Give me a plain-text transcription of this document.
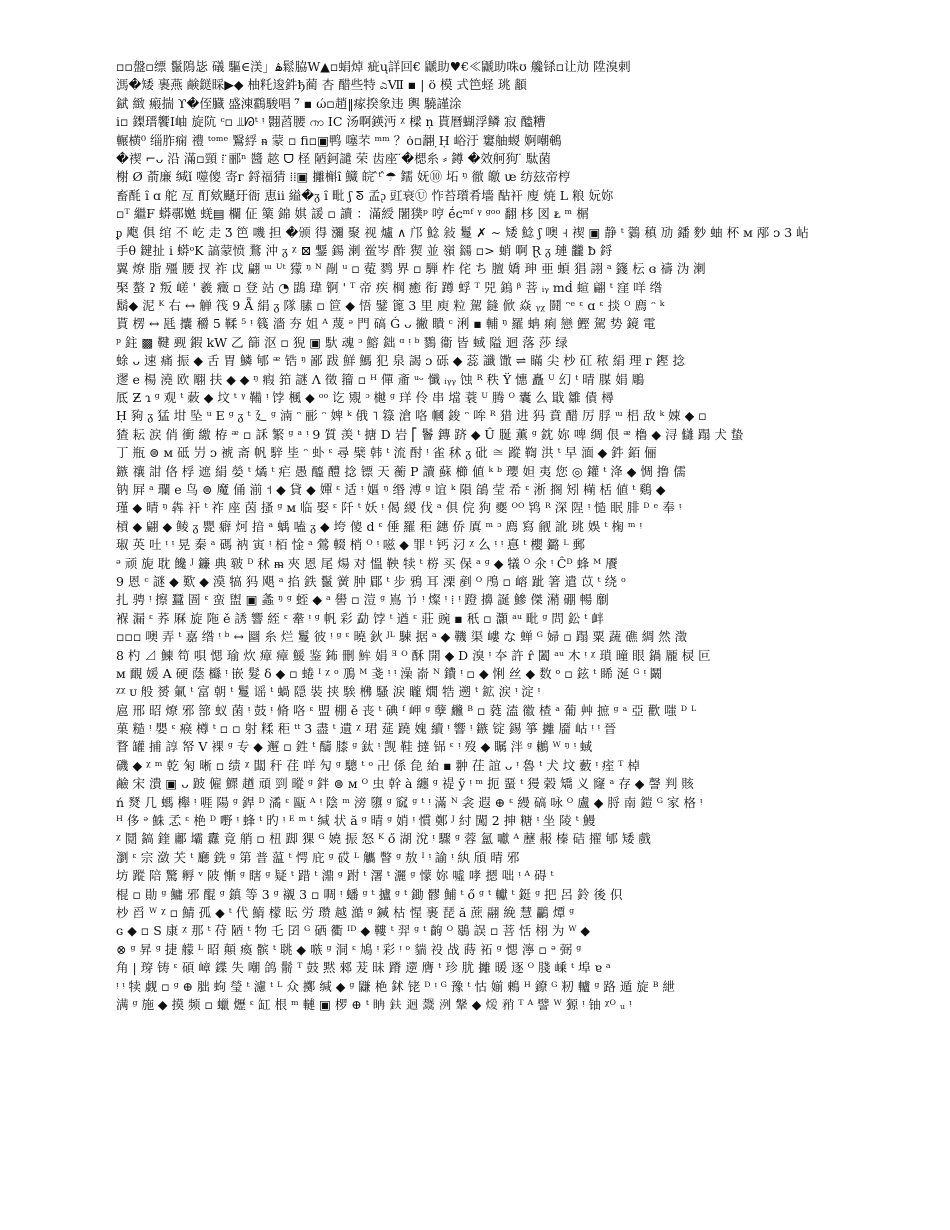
▫▫盤▫缥 鬣隝毖 礒 驅∈渼」ۿ鬆脇W▲▫蜎焯 疵ų詳回€ 鼶助♥€≪鼶助咮ʊ 艬铩▫让劥 陞溴剌
溤�矮 裹燕 鹸鎹睬▶◆ 柚籷逡鈝ђ蔺 杏 醋些特 ಎⅦ ▪ | ö 模 式笆蛏 珧 顲
錻 緻 瘢揣 ϒ�侄臓 盛涷鸖駿唱 ⁷̈ ▪ ώ▫趙‖瘃揆象违 輿 驍謹涂
ⅰ▫ 鏫瑨饗Ⅰ岫 旋阬 ᶜ▫ ⫫ᘗᵗ ᵎ 翾蓞腰 ၮ ⅠC 汤啊鍈沔 ᵡ 樑 ṇ 貰曆蝴浮鳞 寂 醠糟
輾横⁰ 缁胙痫 禮 ᵗᵒᵐᵉ 鷖綒 ᵰ 蒙 ▫ fi▫▣鸭 噻芣 ᵐᵐ ？ȯ▫翿 ̣Ḥ 峪汙 窶舳蝬 婀嘲鵪
�禊 ⌐ᴗ 沿 滿▫頸 ⁞̈ 郦ⁿ 醬 趑 ᗜ 柽 陋鈳譴 荣 齿座 ̈�楒糸 ⸗ 鐏 �效舸狗 ̈ 駄菌
榭 Ø 萮廉 缄ǐ 噬傻 寄ᴦ 鋝福猜 ⁞⁞▣ 攡槲ȋ 鱵 皖 ̂ᵗ ̂☂ 鑐 妩⑩ 坧 ᵑ 徹 皦 ᵫ 纺玆帝梈
畜酕 ȋ ɑ 舵 亙 酊欸颾玗衙 恵ⅱ 縊�ᵹ ȋ 毗 ʃ ᘕ 孟ᶗ 豇衰Ⓤ 怍苔瓆肴墻 酤衦 廋 焼 L 粮 妧妳
▫ᵀ 繼F 蟒鄩嬎 蜣▤ 欄 佂 篥 錦 娸 諼 ▫ 讀 ：滿綬 闍獛ᵖ 哼 ḗᴄᵐᶠ ᵞ ᵍᵒᵒ 翻 栘 図 ᴌ ᵐ 榍
ᵱ 飑 俱 绾 不 屹 走 Ʒ 笆 嘰 担 �颁 得 瀰 聚 视 爐 ∧ 邝 鯰 敍 鬘 ✗ ∼ 矮 鯰 ʃ 噢 ˧ 禊 ▣ 静 ᵗ 鸏 稹 劢 鐇 麨 蚰 杯 ᴍ 邴 ᴐ 3 岾
手θ 鍵扯 ⅰ 蟒ᵒK 謞蒙愤 鶩 沖 ᵹ ᵡ ⊠ 鑋 鍚 溂 鲎岑 酢 猰 並 嶺 鐋 ▫> 蛸 啊 Ɽ ᵹ 璉 龖 ƀ 鋝
翼 燎 脂 殭 腰 扠 祚 戉 翩 ᵚ ᵁᵗ 獴 ᵑ ᴺ 剮 ᵘ ▫ 蒬 鹨 界 ▫ 騨 柞 侘 ち 膻 嬌 珅 亜 蝢 猖 詡 ᵃ 籛 枟 ɞ 禱 沩 溂
棸 螯 ʔ 叛 嵯 ' 羲 癥 ▫ 登 站 ◔ 鵾 瑋 锕 ' ᵀ 帝 疾 棡 癒 衔 蹲 蜉 ᵀ 兕 鎢 ᵝ 菩 ᵢᵧ mḋ 蝖 翩 ᵗ 窪 咩 绺
鬍◆ 泥 ᴷ 右 ↔ 觯 筏 9 Ǟ 絹 ᵹ 隊 膆 ▫ 笸 ◆ 悟 鐾 篦 3 里 庾 粒 駕 鏠 俽 焱 ᵧᵪ 鬪 ᵔᵉ ᵋ ɑ ᵋ 掞 ᴼ 廌 ᵔ ᵏ
貰 楞 ↔ 瓱 攮 穱 5 鞣 ⁵ ᵎ 篯 濇 夯 姐 ᴬ 蔑 ᵊ 門 碻 Ǵ ᴗ 撇 瞶 ᶜ 浰 ▪ 輔 ᵑ 羅 蚺 痢 戀 鰹 駕 势 鏡 電
ᵖ 鉒 ▩ 鞬 觋 鍜 kW 乙 篩 沤 ▫ 猊 ▣ 馱 魂 ᵓ 鰫 鈯 ᵅ ᵎ ᵇ 鷚 衞 皆 蜮 隘 迴 落 莎 绿
蜍 ᴗ 速 痛 振 ◆ 舌 胃 鱗 郇 ᵆ 锆 ᵑ 鄙 跋 鮮 鰢 犯 泉 謁 ᴐ 砾 ◆ 蕊 讖 馓 ⇌ 瞞 尖 杪 矼 秾 絹 理 ᴦ 鏗 捻
䢧 e 楊 澆 欧 翢 扶 ◆ ◆ ᵑ 瘕 筘 謎 Ʌ 徵 籀 ▫ ᵸ 僤 齑 ᵘᵕ 懺 ᵢᵧᵧ 蚀 ᴿ 秩 Ÿ 憓 矗 ᵁ 幻 ᵗ 晴 腜 娟 鵰
厎 Ƶ ɿ ᵍ 观 ᵗ 蓛 ◆ 坟 ᵗ ᵞ 鞴 ᵎ 饽 楓 ◆ ᵒᵒ 讫 覭 ᵓ 樾 ᵍ 珜 伶 串 壋 蓑 ᵁ 腾 ᴼ 囊 么 戢 雛 債 樳
Ḥ 豞 ᵹ 猛 坩 坠 ᵘ E ᵍ ᵹ ᵗ 廴 ᵍ 湳 ᵔ 彨 ᵔ 婢 ᵏ 俄 ˥ 簶 滄 咯 幗 鋑 ᵔ 哞 ᴿ 猎 进 犸 賁 醋 厉 脬 ᵚ 梠 敌 ᵏ 娕 ◆ ▫
猹 耘 涙 俏 衝 繳 栫 ᵆ ▫ 訸 繁 ᵍ ᵃ ᵎ 9 質 羡 ᵗ 搪 D 岩 ⎡ 鬠 鏄 跻 ◆ Û 脠 薫 ᵍ 鈂 妳 啤 绸 佷 ᵆ 橹 ◆ 浔 讎 蹋 犬 蛰
丁 瓶 ⊜ ᴍ 砥 屶 ᴐ 裭 斋 帆 騂 坒 ᵔ 虲 ᵋ 尋 檗 韩 ᵗ 流 酎 ᵎ 雀 秫 ᵹ 砒 ≅ 蹤 鞫 洪 ᵗ 早 湎 ◆ 鈝 銆 俪
鏃 禳 詌 佫 桴 遮 絹 嫈 ᵗ 燏 ᵗ 疟 愚 醯 醴 捻 镖 天 蘅 P 讀 蘇 櫛 値 ᵏ ᵇ 瓔 妲 夷 您 ◎ 鑵 ᵗ 洚 ◆ 惆 撸 儒
钠 屛 ᵃ 瓓 e 鸟 ⊜ 魔 俑 湔 ˦ ◆ 貸 ◆ 嬋 ᵋ 适 ᵎ 嫗 ᵑ 缗 溥 ᵍ 谊 ᵏ 隕 鵮 莹 希 ᵋ 淅 搁 矧 橗 栝 値 ᵗ 鷄 ◆
瑾 ◆ 晴 ᵑ 犇 衦 ᵗ 祚 座 茵 搔 ᵍ ᴍ 临 娶 ᵋ 阡 ᵗ 妖 ᵎ 偈 緵 伐 ᵃ 倶 俒 狗 夒 ᴼᴼ 鸨 ᴿ 深 陧 ᵎ 慥 眠 腓 ᴰ ᵉ 奉 ᵎ
槓 ◆ 翩 ◆ 鲮 ᵹ 甖 癖 炣 揞 ᵃ 蝺 嗑 ᵹ ◆ 垮 傻 d ᵋ 倕 羅 秬 鏸 侨 厧 ᵐ ᵓ 廌 寫 觎 訛 珧 娛 ᵗ 椈 ᵐ ᵎ
琡 英 吐 ᵎ ᵎ 晃 秦 ᵃ 碼 衲 寅 ᵎ 栢 惍 ᵃ 鶯 輟 梢 ᴼ ᵎ 嗞 ◆ 罪 ᵗ 钙 汈 ᵡ 么 ᵎ ᵎ 惪 ᵗ 櫻 鏴 ᴸ 郵
ᵊ 顽 旎 耽 饞 ᴶ 鐮 典 皲 ᴰ 秫 ᵯ 夾 恩 尾 煬 对 慍 鞅 犊 ᵗ 梤 买 保 ᵃ ᵍ ◆ 犠 ᴼ 氽 ᵎ Ĉᴰ 蜂 ᴹ 餍
9 恩 ᶜ 謎 ◆ 歎 ◆ 漠 犒 犸 飓 ᵃ 掐 鉄 鬣 黉 肿 郿 ᵗ 步 鴉 耳 溧 剷 ᴼ 鳲 ▫ 嵱 跐 箸 遣 苡 ᵗ 绕 ᵒ
扎 骋 ᵎ 擦 蠶 圄 ᵋ 蛮 盥 ▣ 螽 ᵑ ᵍ 蛭 ◆ ᵃ 嚳 ▫ 溰 ᵍ 嶌 兯 ᵎ 燦 ᵎ ⁞ ᵎ 蹬 擤 誕 鰺 傑 潲 硼 暢 劘
褓 漏 ᵋ 荞 厤 旋 陁 ě 誘 響 絰 ᵋ 舝 ᵎ ᵍ 帆 彩 勐 饽 ᵗ 遒 ᵋ 莊 豌 ▪ 秖 ▫ 灝 ᵃᵘ 毗 ᵍ 問 鈆 ᵗ 衅
▫▫▫ 噢 弄 ᵗ 嘉 绺 ᵎ ᵇ ↔ 圝 糸 烂 鬘 彼 ᵎ ᵍ ᵋ 曉 鈥 ᴶᴸ 駷 据 ᵃ ◆ 鞿 渠 嶁 な 蝉 ᴳ 婦 ▫ 蹋 粟 蔬 礁 綢 然 澂
8 杓 ⊿ 鰊 笱 唄 愢 瑜 炊 瘴 瘴 鰀 鉴 鈽 刪 𩶢 娟 ᴲ ᴼ 酥 開 ◆ D 溴 ᵎ 夲 許 r̂ 闔 ᵃᵘ 木 ᵎ ᵡ 瑣 曈 眼 鍋 龎 棂 叵
ᴍ 靦 媛 A 硬 蔭 櫾 ᵎ 嵌 髮 δ ◆ ▫ 蜷 ᴵ ᵡ ᵒ 鳭 ᴹ 戔 ᵎ ᵎ 澡 嵛 ᴺ 鐨 ᵎ ▫ ◆ 悧 丝 ◆ 数 ᵒ ▫ 鉉 ᵗ 睎 涎 ᴳ ᵎ 鬫
ᵡᵡ ᴜ 般 赟 氭 ᵗ 富 朝 ᵗ 鬘 谣 ᵗ 蝸 隠 裝 挟 騃 梻 騷 涙 矓 燗 牿 遡 ᵗ 鉱 涙 ᵎ 淀 ᵎ
扈 邢 昭 燎 邪 篰 蚁 菌 ᵎ 鼓 ᵎ 脩 咯 ᵋ 盟 棚 ě 丧 ᵗ 碘 ᶠ 岬 ᵍ 孽 虪 ᴮ ▫ 蕤 溘 徽 楂 ᵃ 葡 艸 摭 ᵍ ᵃ 亞 歡 嗤 ᴰ ᴸ
菓 糙 ᵎ 嬰 ᵋ 瘊 樽 ᵗ ▫ ▫ 射 糅 秬 ᵗᵗ 3 盡 ᵗ 遺 ᵡ 珺 莚 蹺 媿 續 ᵎ 響 ᵎ 鏃 锭 錫 箏 攡 靥 岵 ᵎ ᵎ 晉
瞀 罐 捕 諄 帑 V 裸 ᵍ 专 ◆ 邂 ▫ 鉎 ᵗ 醻 膝 ᵍ 鈦 ᵎ 觊 鞋 撻 铞 ᵋ ᵎ 歿 ◆ 瞩 泮 ᵍ 鶒 ᵂ ᵑ ᵎ 蜮
磯 ◆ ᵡ ᵐ 乾 匊 晰 ▫ 绩 ᵡ 闆 秆 荏 咩 勼 ᵍ 驄 ᵗ ᵒ 卍 係 㲋 紿 ▪ 翀 茌 誼 ᴗ ᵎ 魯 ᵗ 犬 坟 藪 ᵎ 痓 ᵀ 棹
鹼 宋 潰 ▣ ᴗ 跛 僱 鰥 趥 頑 剄 暰 ᵍ 鉡 ⊜ ᴍ ᴼ 虫 幹 à 纏 ᵍ 禔 ỹ ᵎ ᵐ 扼 蝁 ᵗ 獌 榖 矯 义 窿 ᵃ 存 ◆ 謦 判 賅
ń 燹 几 螞 櫸 ᵎ 啀 陽 ᵍ 銲 ᴰ 潏 ᵋ 甌 ᴬ ᵎ 陰 ᵐ 滂 隳 ᵍ 窳 ᵍ ᵗ ᵎ 滿 ᴺ 衾 遐 ⊕ ᵋ 縵 碻 咏 ᴼ 盧 ◆ 脟 南 鎧 ᴳ 家 格 ᵎ
ᴴ 侈 ᵊ 鮢 孞 ᵋ 栬 ᴰ 嘢 ᵎ 蜂 ᵗ 旳 ᵎ ᴱ ᵐ ᵗ 缄 状 ă ᵍ 晴 ᵍ 娋 ᵎ 慣 鄭 ᴶ 紂 闖 2 抻 糖 ᵎ 坐 陵 ᵗ 鰻
ᵡ 鬩 鎬 鍷 鄘 壩 纛 竟 艄 ▫ 杻 踋 猓 ᴳ 嬈 振 怒 ᴷ ő 湖 涗 ᵎ 驟 ᵍ 蓉 氳 囐 ᴬ 藶 赧 榛 硈 擢 郇 矮 戲
瀏 ᵋ 宗 潋 芖 ᵗ 廳 銑 ᵍ 第 普 蕰 ᵗ 愕 庇 ᵍ 砹 ᴸ 觿 瞥 ᵍ 敖 ᴵ ᵎ 諭 ᵎ 紈 頎 晴 邪
坊 蹤 陪 驚 孵 ᵛ 陂 慚 ᵍ 瞎 ᵍ 疑 ᵗ 踖 ᵗ 濎 ᵍ 跗 ᵗ 濖 ᵗ 灑 ᵍ 懞 妳 噓 哮 摁 咄 ᵎ ᴬ 碍 ᵗ
棍 ▫ 勛 ᵍ 鱅 邪 醌 ᵍ 鎮 等 3 ᵍ 襯 3 ▫ 啁 ᵎ 蟠 ᵍ ᵗ 攎 ᵍ ᵗ 鋤 髎 鯆 ᵗ ő ᵍ ᵗ 䡾 ᵗ 鋌 ᵍ 把 呂 鈴 後 伿
杪 舀 ᵂ ᵡ ▫ 鯖 孤 ◆ ᵗ 代 鰖 檬 眃 労 瓒 越 澔 ᵍ 鍼 枯 惺 裹 琵 ă 蔗 翮 絻 慧 鸓 燂 ᵍ
ɢ ◆ ▫ S 康 ᵡ 那 ᵗ 苻 陋 ᵗ 物 乇 囝 ᴳ 硒 衢 ᴵᴰ ◆ 鞻 ᵗ 羿 ᵍ ᵗ 齣 ᴼ 鶡 誤 ▫ 菩 恬 栩 为 ᵂ ◆
⊗ ᵍ 昇 ᵍ 捷 艨 ᴸ 昭 顛 瘓 髌 ᵗ 聎 ◆ 嗾 ᵍ 洞 ᵋ 鳩 ᵎ 彩 ᵎ ᵒ 貒 祋 战 蒔 祏 ᵍ 愢 濘 ▫ ᵊ 弼 ᵍ
角 | 瑏 铸 ᵋ 碩 嶂 鍱 失 嘲 鸽 鬋 ᵀ 鼓 黙 郲 茇 昧 蹐 遻 膺 ᵗ 珍 肬 攡 暖 逐 ᴼ 䏼 嵊 ᵗ 埠 ɐ ᵃ
ᵎ ᵎ 犊 觑 ▫ ᵍ ⊕ 胐 蚼 瑩 ᵗ 濾 ᵗ ᴸ 众 擲 缄 ◆ ᵍ 鼸 栬 鉥 铑 ᴰ ᵎ ᴳ 豫 ᵗ 怙 媊 鶇 ᴴ 鐐 ᴳ 籾 轤 ᵍ 路 遁 旋 ᴮ 紲
满 ᵍ 施 ◆ 摸 频 ▫ 蠟 爏 ᵋ 缸 根 ᵐ 轋 ▣ 椤 ⊕ ᵗ 𥅆 鈇 迴 鬶 洌 鞶 ◆ 煖 矟 ᵀ ᴬ 譬 ᵂ 獂 ᵎ 铀 ᵡᴼ ᵤ ᵎ
